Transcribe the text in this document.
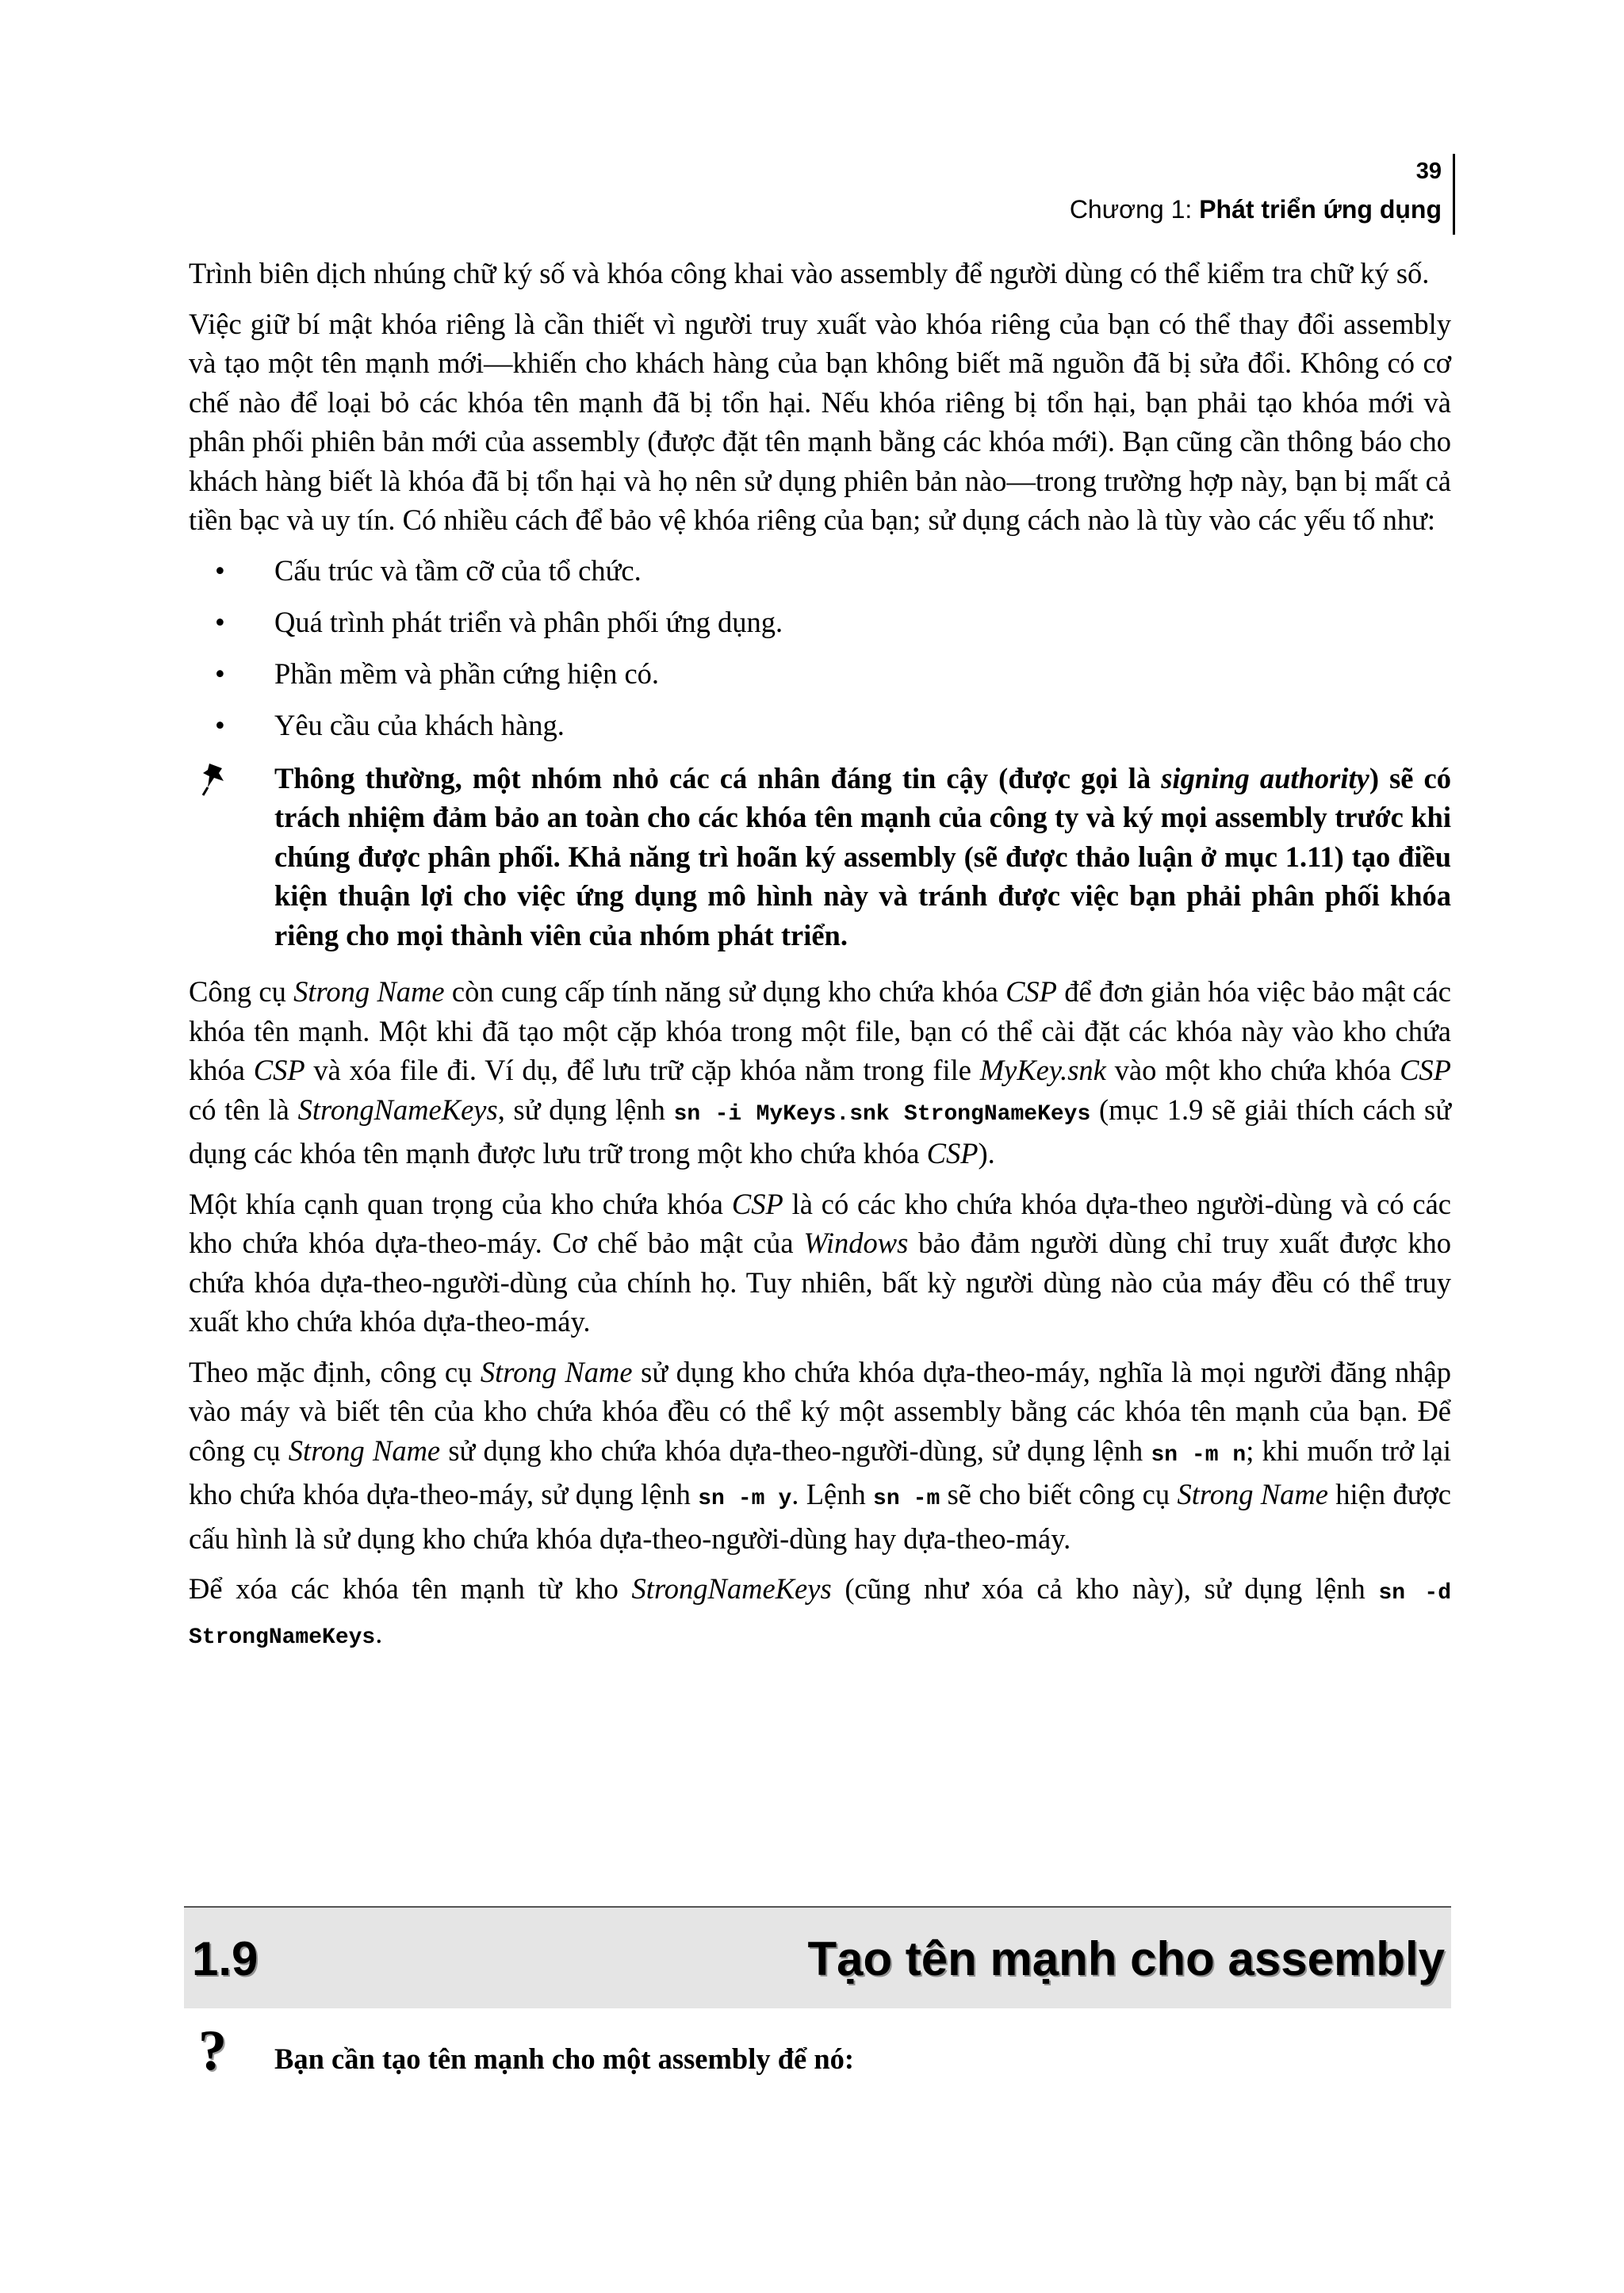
39
Chương 1: Phát triển ứng dụng

Trình biên dịch nhúng chữ ký số và khóa công khai vào assembly để người dùng có thể kiểm tra chữ ký số.

Việc giữ bí mật khóa riêng là cần thiết vì người truy xuất vào khóa riêng của bạn có thể thay đổi assembly và tạo một tên mạnh mới—khiến cho khách hàng của bạn không biết mã nguồn đã bị sửa đổi. Không có cơ chế nào để loại bỏ các khóa tên mạnh đã bị tổn hại. Nếu khóa riêng bị tổn hại, bạn phải tạo khóa mới và phân phối phiên bản mới của assembly (được đặt tên mạnh bằng các khóa mới). Bạn cũng cần thông báo cho khách hàng biết là khóa đã bị tổn hại và họ nên sử dụng phiên bản nào—trong trường hợp này, bạn bị mất cả tiền bạc và uy tín. Có nhiều cách để bảo vệ khóa riêng của bạn; sử dụng cách nào là tùy vào các yếu tố như:

• Cấu trúc và tầm cỡ của tổ chức.
• Quá trình phát triển và phân phối ứng dụng.
• Phần mềm và phần cứng hiện có.
• Yêu cầu của khách hàng.
Thông thường, một nhóm nhỏ các cá nhân đáng tin cậy (được gọi là signing authority) sẽ có trách nhiệm đảm bảo an toàn cho các khóa tên mạnh của công ty và ký mọi assembly trước khi chúng được phân phối. Khả năng trì hoãn ký assembly (sẽ được thảo luận ở mục 1.11) tạo điều kiện thuận lợi cho việc ứng dụng mô hình này và tránh được việc bạn phải phân phối khóa riêng cho mọi thành viên của nhóm phát triển.

Công cụ Strong Name còn cung cấp tính năng sử dụng kho chứa khóa CSP để đơn giản hóa việc bảo mật các khóa tên mạnh. Một khi đã tạo một cặp khóa trong một file, bạn có thể cài đặt các khóa này vào kho chứa khóa CSP và xóa file đi. Ví dụ, để lưu trữ cặp khóa nằm trong file MyKey.snk vào một kho chứa khóa CSP có tên là StrongNameKeys, sử dụng lệnh sn -i MyKeys.snk StrongNameKeys (mục 1.9 sẽ giải thích cách sử dụng các khóa tên mạnh được lưu trữ trong một kho chứa khóa CSP).

Một khía cạnh quan trọng của kho chứa khóa CSP là có các kho chứa khóa dựa-theo người-dùng và có các kho chứa khóa dựa-theo-máy. Cơ chế bảo mật của Windows bảo đảm người dùng chỉ truy xuất được kho chứa khóa dựa-theo-người-dùng của chính họ. Tuy nhiên, bất kỳ người dùng nào của máy đều có thể truy xuất kho chứa khóa dựa-theo-máy.

Theo mặc định, công cụ Strong Name sử dụng kho chứa khóa dựa-theo-máy, nghĩa là mọi người đăng nhập vào máy và biết tên của kho chứa khóa đều có thể ký một assembly bằng các khóa tên mạnh của bạn. Để công cụ Strong Name sử dụng kho chứa khóa dựa-theo-người-dùng, sử dụng lệnh sn -m n; khi muốn trở lại kho chứa khóa dựa-theo-máy, sử dụng lệnh sn -m y. Lệnh sn -m sẽ cho biết công cụ Strong Name hiện được cấu hình là sử dụng kho chứa khóa dựa-theo-người-dùng hay dựa-theo-máy.

Để xóa các khóa tên mạnh từ kho StrongNameKeys (cũng như xóa cả kho này), sử dụng lệnh sn -d StrongNameKeys.

1.9	Tạo tên mạnh cho assembly
?	Bạn cần tạo tên mạnh cho một assembly để nó:
